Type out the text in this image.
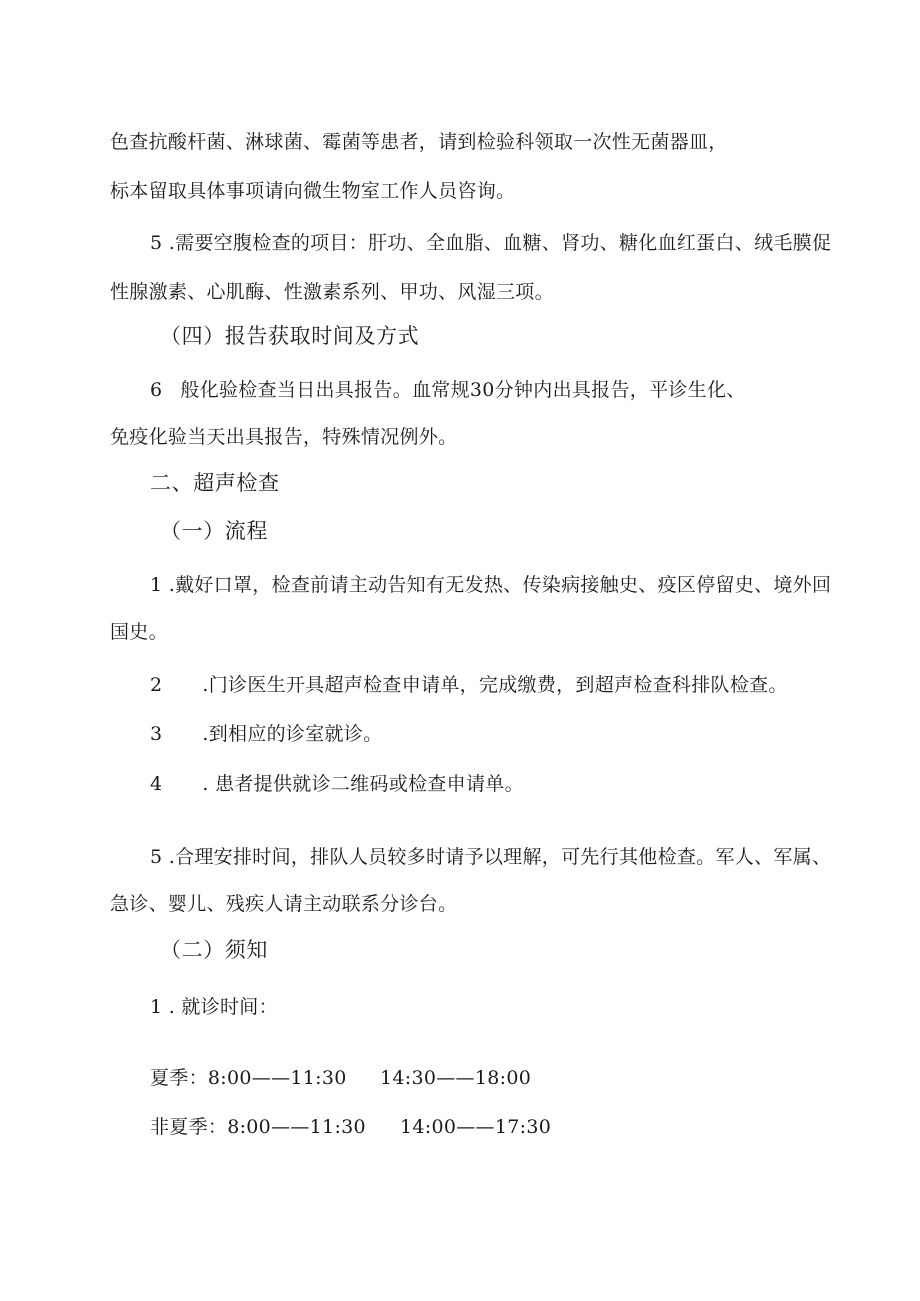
色查抗酸杆菌、淋球菌、霉菌等患者，请到检验科领取一次性无菌器皿，
标本留取具体事项请向微生物室工作人员咨询。
5 .需要空腹检查的项目：肝功、全血脂、血糖、肾功、糖化血红蛋白、绒毛膜促
性腺激素、心肌酶、性激素系列、甲功、风湿三项。
（四）报告获取时间及方式
6 般化验检查当日出具报告。血常规30分钟内出具报告，平诊生化、
免疫化验当天出具报告，特殊情况例外。
二、超声检查
（一）流程
1 .戴好口罩，检查前请主动告知有无发热、传染病接触史、疫区停留史、境外回
国史。
2 .门诊医生开具超声检查申请单，完成缴费，到超声检查科排队检查。
3 .到相应的诊室就诊。
4 . 患者提供就诊二维码或检查申请单。
5 .合理安排时间，排队人员较多时请予以理解，可先行其他检查。军人、军属、
急诊、婴儿、残疾人请主动联系分诊台。
（二）须知
1 . 就诊时间：
夏季：8:00——11:30 14:30——18:00
非夏季：8:00——11:30 14:00——17:30
